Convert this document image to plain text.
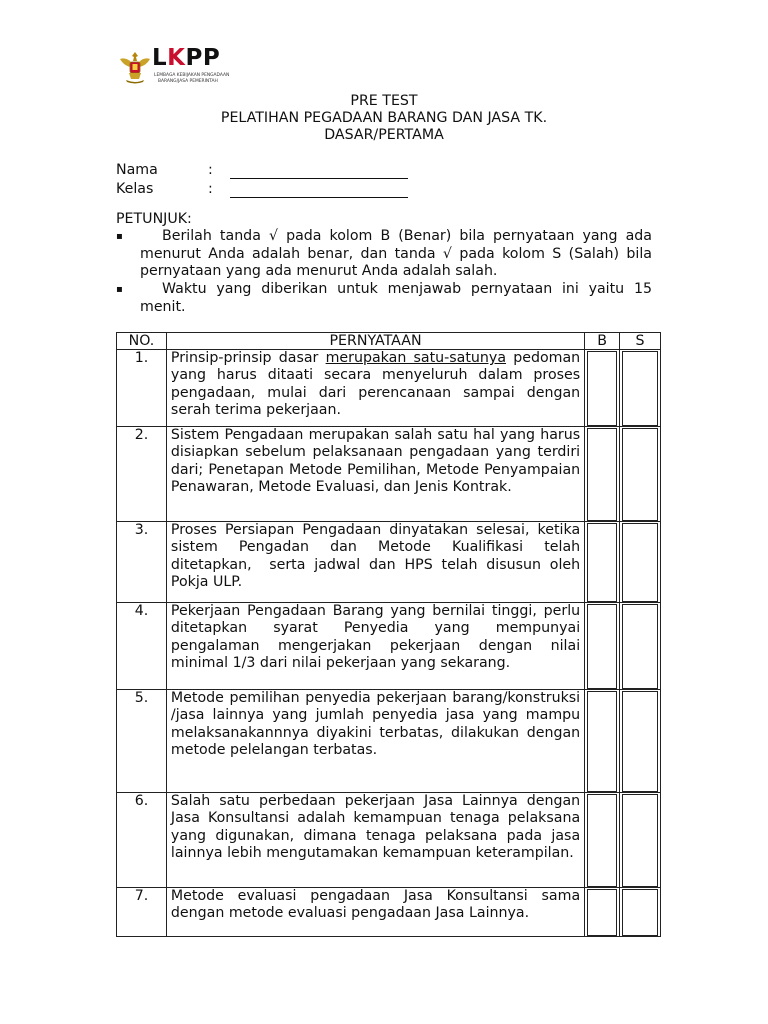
LKPP
LEMBAGA KEBIJAKAN PENGADAAN
BARANG/JASA PEMERINTAH
PRE TEST
PELATIHAN PEGADAAN BARANG DAN JASA TK.
DASAR/PERTAMA
Nama	:
Kelas	:
PETUNJUK:
▪	Berilah tanda √ pada kolom B (Benar) bila pernyataan yang ada menurut Anda adalah benar, dan tanda √ pada kolom S (Salah) bila pernyataan yang ada menurut Anda adalah salah.
▪	Waktu yang diberikan untuk menjawab pernyataan ini yaitu 15 menit.
NO.	PERNYATAAN	B	S
1.	Prinsip-prinsip dasar merupakan satu-satunya pedoman yang harus ditaati secara menyeluruh dalam proses pengadaan, mulai dari perencanaan sampai dengan serah terima pekerjaan.		

2.	Sistem Pengadaan merupakan salah satu hal yang harus disiapkan sebelum pelaksanaan pengadaan yang terdiri dari; Penetapan Metode Pemilihan, Metode Penyampaian Penawaran, Metode Evaluasi, dan Jenis Kontrak.		

3.	Proses Persiapan Pengadaan dinyatakan selesai, ketika sistem Pengadan dan Metode Kualifikasi telah ditetapkan,  serta jadwal dan HPS telah disusun oleh Pokja ULP.		

4.	Pekerjaan Pengadaan Barang yang bernilai tinggi, perlu ditetapkan syarat Penyedia yang mempunyai pengalaman mengerjakan pekerjaan dengan nilai minimal 1/3 dari nilai pekerjaan yang sekarang.		

5.	Metode pemilihan penyedia pekerjaan barang/konstruksi /jasa lainnya yang jumlah penyedia jasa yang mampu melaksanakannnya diyakini terbatas, dilakukan dengan metode pelelangan terbatas.		

6.	Salah satu perbedaan pekerjaan Jasa Lainnya dengan Jasa Konsultansi adalah kemampuan tenaga pelaksana yang digunakan, dimana tenaga pelaksana pada jasa lainnya lebih mengutamakan kemampuan keterampilan.		

7.	Metode evaluasi pengadaan Jasa Konsultansi sama dengan metode evaluasi pengadaan Jasa Lainnya.		
